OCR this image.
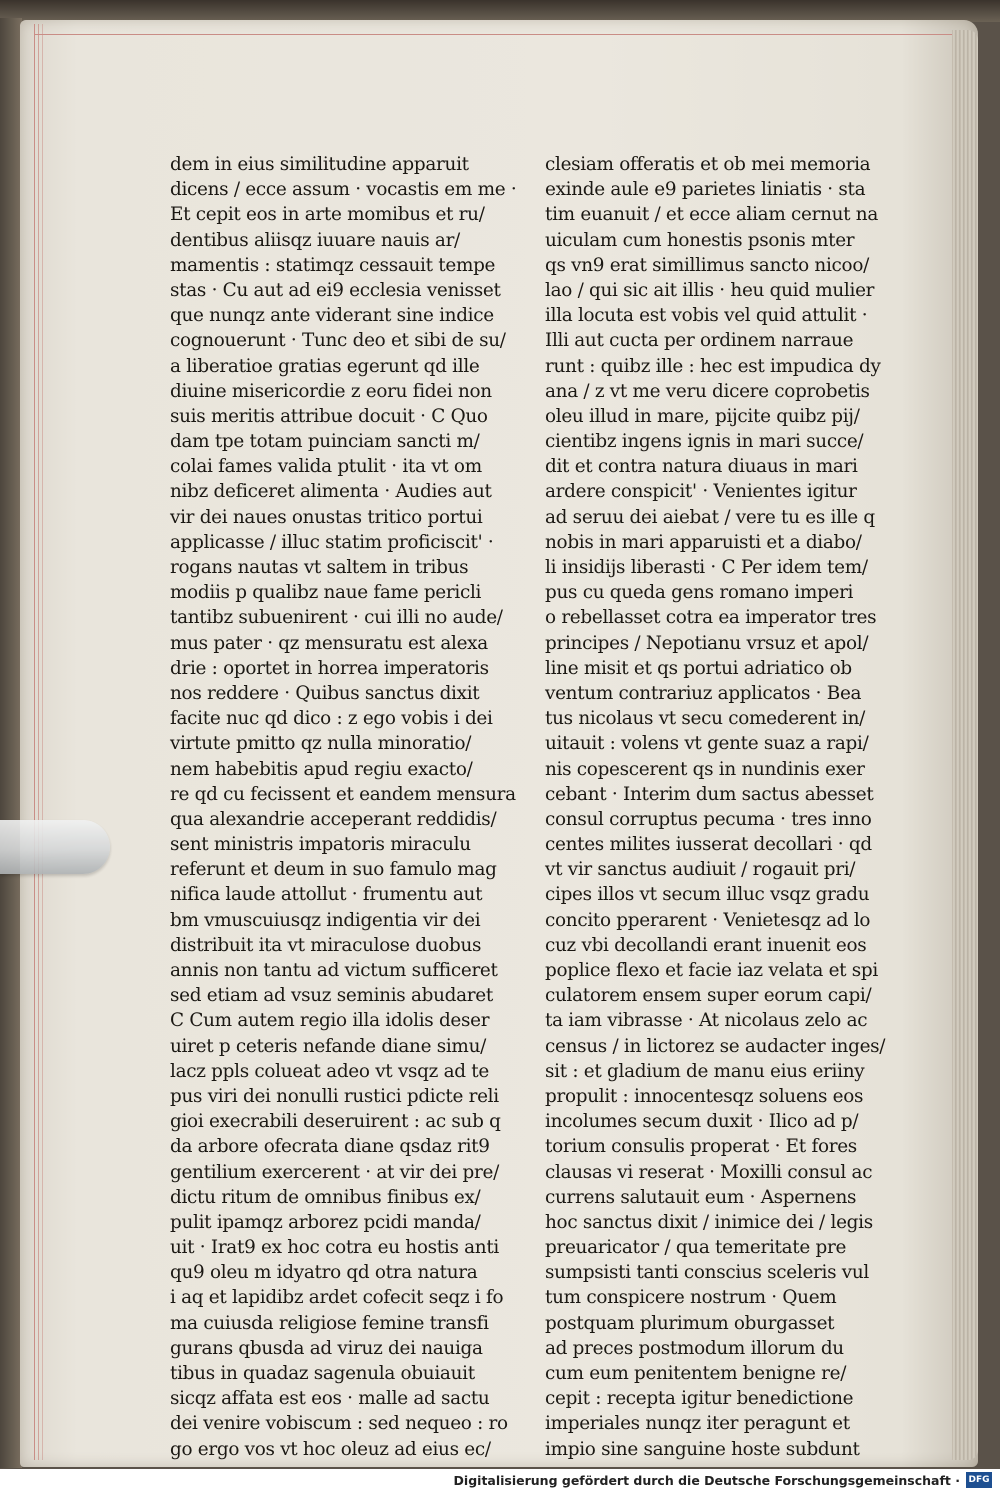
dem in eius similitudine apparuit
dicens / ecce assum · vocastis em me ·
Et cepit eos in arte momibus et ru/
dentibus aliisqz iuuare nauis ar/
mamentis : statimqz cessauit tempe
stas · Cu aut ad ei9 ecclesia venisset
que nunqz ante viderant sine indice
cognouerunt · Tunc deo et sibi de su/
a liberatioe gratias egerunt qd ille
diuine misericordie z eoru fidei non
suis meritis attribue docuit · C Quo
dam tpe totam puinciam sancti m/
colai fames valida ptulit · ita vt om
nibz deficeret alimenta · Audies aut
vir dei naues onustas tritico portui
applicasse / illuc statim proficiscit' ·
rogans nautas vt saltem in tribus
modiis p qualibz naue fame pericli
tantibz subuenirent · cui illi no aude/
mus pater · qz mensuratu est alexa
drie : oportet in horrea imperatoris
nos reddere · Quibus sanctus dixit
facite nuc qd dico : z ego vobis i dei
virtute pmitto qz nulla minoratio/
nem habebitis apud regiu exacto/
re qd cu fecissent et eandem mensura
qua alexandrie acceperant reddidis/
sent ministris impatoris miraculu
referunt et deum in suo famulo mag
nifica laude attollut · frumentu aut
bm vmuscuiusqz indigentia vir dei
distribuit ita vt miraculose duobus
annis non tantu ad victum sufficeret
sed etiam ad vsuz seminis abudaret
C Cum autem regio illa idolis deser
uiret p ceteris nefande diane simu/
lacz ppls colueat adeo vt vsqz ad te
pus viri dei nonulli rustici pdicte reli
gioi execrabili deseruirent : ac sub q
da arbore ofecrata diane qsdaz rit9
gentilium exercerent · at vir dei pre/
dictu ritum de omnibus finibus ex/
pulit ipamqz arborez pcidi manda/
uit · Irat9 ex hoc cotra eu hostis anti
qu9 oleu m idyatro qd otra natura
i aq et lapidibz ardet cofecit seqz i fo
ma cuiusda religiose femine transfi
gurans qbusda ad viruz dei nauiga
tibus in quadaz sagenula obuiauit
sicqz affata est eos · malle ad sactu
dei venire vobiscum : sed nequeo : ro
go ergo vos vt hoc oleuz ad eius ec/
clesiam offeratis et ob mei memoria
exinde aule e9 parietes liniatis · sta
tim euanuit / et ecce aliam cernut na
uiculam cum honestis psonis mter
qs vn9 erat simillimus sancto nicoo/
lao / qui sic ait illis · heu quid mulier
illa locuta est vobis vel quid attulit ·
Illi aut cucta per ordinem narraue
runt : quibz ille : hec est impudica dy
ana / z vt me veru dicere coprobetis
oleu illud in mare, pijcite quibz pij/
cientibz ingens ignis in mari succe/
dit et contra natura diuaus in mari
ardere conspicit' · Venientes igitur
ad seruu dei aiebat / vere tu es ille q
nobis in mari apparuisti et a diabo/
li insidijs liberasti · C Per idem tem/
pus cu queda gens romano imperi
o rebellasset cotra ea imperator tres
principes / Nepotianu vrsuz et apol/
line misit et qs portui adriatico ob
ventum contrariuz applicatos · Bea
tus nicolaus vt secu comederent in/
uitauit : volens vt gente suaz a rapi/
nis copescerent qs in nundinis exer
cebant · Interim dum sactus abesset
consul corruptus pecuma · tres inno
centes milites iusserat decollari · qd
vt vir sanctus audiuit / rogauit pri/
cipes illos vt secum illuc vsqz gradu
concito pperarent · Venietesqz ad lo
cuz vbi decollandi erant inuenit eos
poplice flexo et facie iaz velata et spi
culatorem ensem super eorum capi/
ta iam vibrasse · At nicolaus zelo ac
census / in lictorez se audacter inges/
sit : et gladium de manu eius eriiny
propulit : innocentesqz soluens eos
incolumes secum duxit · Ilico ad p/
torium consulis properat · Et fores
clausas vi reserat · Moxilli consul ac
currens salutauit eum · Aspernens
hoc sanctus dixit / inimice dei / legis
preuaricator / qua temeritate pre
sumpsisti tanti conscius sceleris vul
tum conspicere nostrum · Quem
postquam plurimum oburgasset
ad preces postmodum illorum du
cum eum penitentem benigne re/
cepit : recepta igitur benedictione
imperiales nunqz iter peragunt et
impio sine sanguine hoste subdunt
Digitalisierung gefördert durch die Deutsche Forschungsgemeinschaft · DFG
